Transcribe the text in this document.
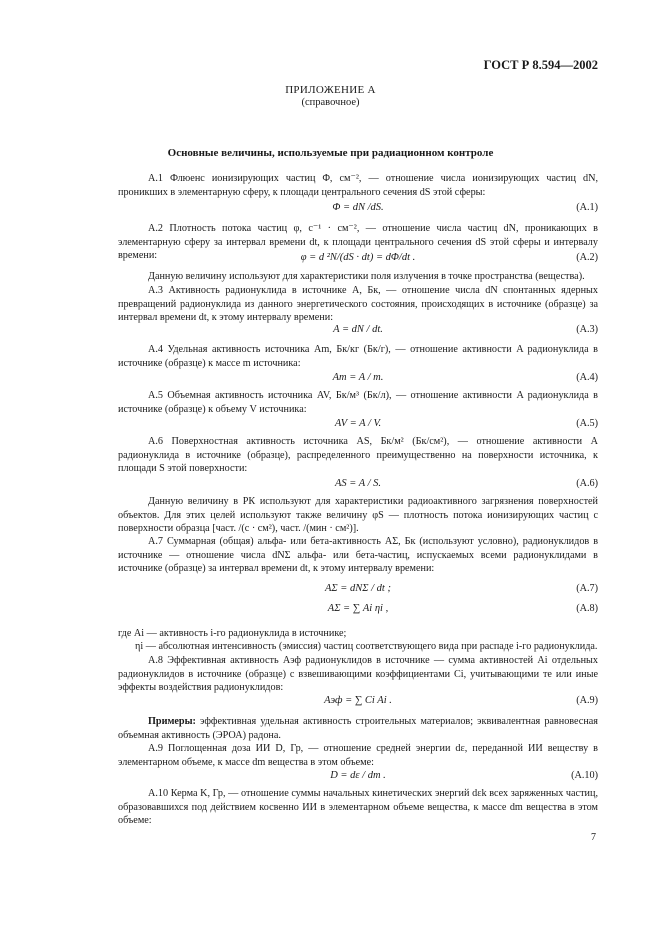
ГОСТ Р 8.594—2002
ПРИЛОЖЕНИЕ А
(справочное)
Основные величины, используемые при радиационном контроле
A.1 Флюенс ионизирующих частиц Φ, см⁻², — отношение числа ионизирующих частиц dN, проникших в элементарную сферу, к площади центрального сечения dS этой сферы:
Φ = dN /dS.	(A.1)
A.2 Плотность потока частиц φ, с⁻¹ · см⁻², — отношение числа частиц dN, проникающих в элементарную сферу за интервал времени dt, к площади центрального сечения dS этой сферы и интервалу времени:	φ = d ²N/(dS · dt) = dΦ/dt .	(A.2)
Данную величину используют для характеристики поля излучения в точке пространства (вещества).
A.3 Активность радионуклида в источнике A, Бк, — отношение числа dN спонтанных ядерных превращений радионуклида из данного энергетического состояния, происходящих в источнике (образце) за интервал времени dt, к этому интервалу времени:
A = dN / dt.	(A.3)
A.4 Удельная активность источника Am, Бк/кг (Бк/г), — отношение активности A радионуклида в источнике (образце) к массе m источника:
Am = A / m.	(A.4)
A.5 Объемная активность источника AV, Бк/м³ (Бк/л), — отношение активности A радионуклида в источнике (образце) к объему V источника:
AV = A / V.	(A.5)
A.6 Поверхностная активность источника AS, Бк/м² (Бк/см²), — отношение активности A радионуклида в источнике (образце), распределенного преимущественно на поверхности источника, к площади S этой поверхности:
AS = A / S.	(A.6)
Данную величину в РК используют для характеристики радиоактивного загрязнения поверхностей объектов. Для этих целей используют также величину φS — плотность потока ионизирующих частиц с поверхности образца [част. /(с · см²), част. /(мин · см²)].
A.7 Суммарная (общая) альфа- или бета-активность AΣ, Бк (используют условно), радионуклидов в источнике — отношение числа dNΣ альфа- или бета-частиц, испускаемых всеми радионуклидами в источнике (образце) за интервал времени dt, к этому интервалу времени:
AΣ = dNΣ / dt ;	(A.7)
AΣ = ∑ Ai ηi ,	(A.8)
где Ai — активность i-го радионуклида в источнике;
ηi — абсолютная интенсивность (эмиссия) частиц соответствующего вида при распаде i-го радионуклида.
A.8 Эффективная активность Aэф радионуклидов в источнике — сумма активностей Ai отдельных радионуклидов в источнике (образце) с взвешивающими коэффициентами Ci, учитывающими те или иные эффекты воздействия радионуклидов:
Aэф = ∑ Ci Ai .	(A.9)
Примеры: эффективная удельная активность строительных материалов; эквивалентная равновесная объемная активность (ЭРОА) радона.
A.9 Поглощенная доза ИИ D, Гр, — отношение средней энергии dε, переданной ИИ веществу в элементарном объеме, к массе dm вещества в этом объеме:
D = dε / dm .	(A.10)
A.10 Керма K, Гр, — отношение суммы начальных кинетических энергий dεk всех заряженных частиц, образовавшихся под действием косвенно ИИ в элементарном объеме вещества, к массе dm вещества в этом объеме:
7
